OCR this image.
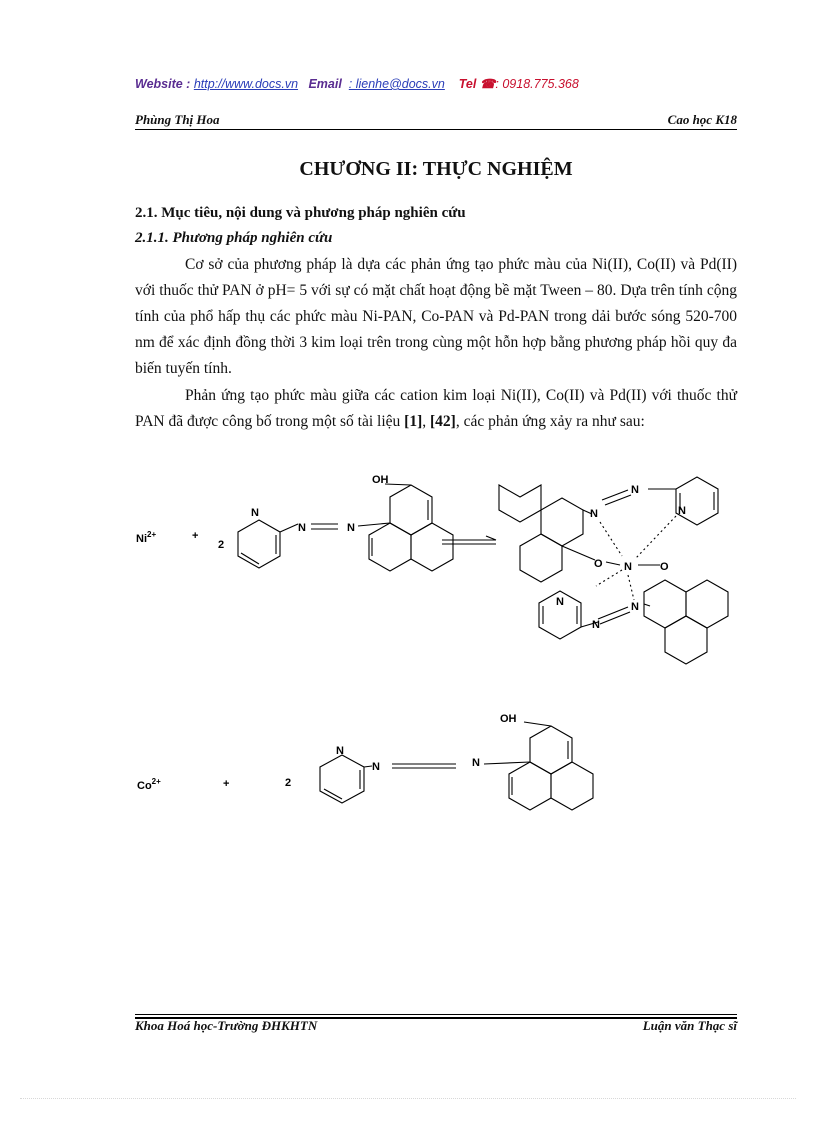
Website : http://www.docs.vn Email : lienhe@docs.vn Tel ☎: 0918.775.368
Phùng Thị Hoa	Cao học K18
CHƯƠNG II: THỰC NGHIỆM
2.1. Mục tiêu, nội dung và phương pháp nghiên cứu
2.1.1. Phương pháp nghiên cứu

Cơ sở của phương pháp là dựa các phản ứng tạo phức màu của Ni(II), Co(II) và Pd(II) với thuốc thử PAN ở pH= 5 với sự có mặt chất hoạt động bề mặt Tween – 80. Dựa trên tính cộng tính của phổ hấp thụ các phức màu Ni-PAN, Co-PAN và Pd-PAN trong dải bước sóng 520-700 nm để xác định đồng thời 3 kim loại trên trong cùng một hỗn hợp bằng phương pháp hồi quy đa biến tuyến tính.

Phản ứng tạo phức màu giữa các cation kim loại Ni(II), Co(II) và Pd(II) với thuốc thử PAN đã được công bố trong một số tài liệu [1], [42], các phản ứng xảy ra như sau:

$Ni^{2+}$	+
2
N
N	N
OH
N
N
N
O N	O
N
N
N
$Co^{2+}$	+	2
N
N	N
OH
Khoa Hoá học-Trường ĐHKHTN	Luận văn Thạc sĩ
